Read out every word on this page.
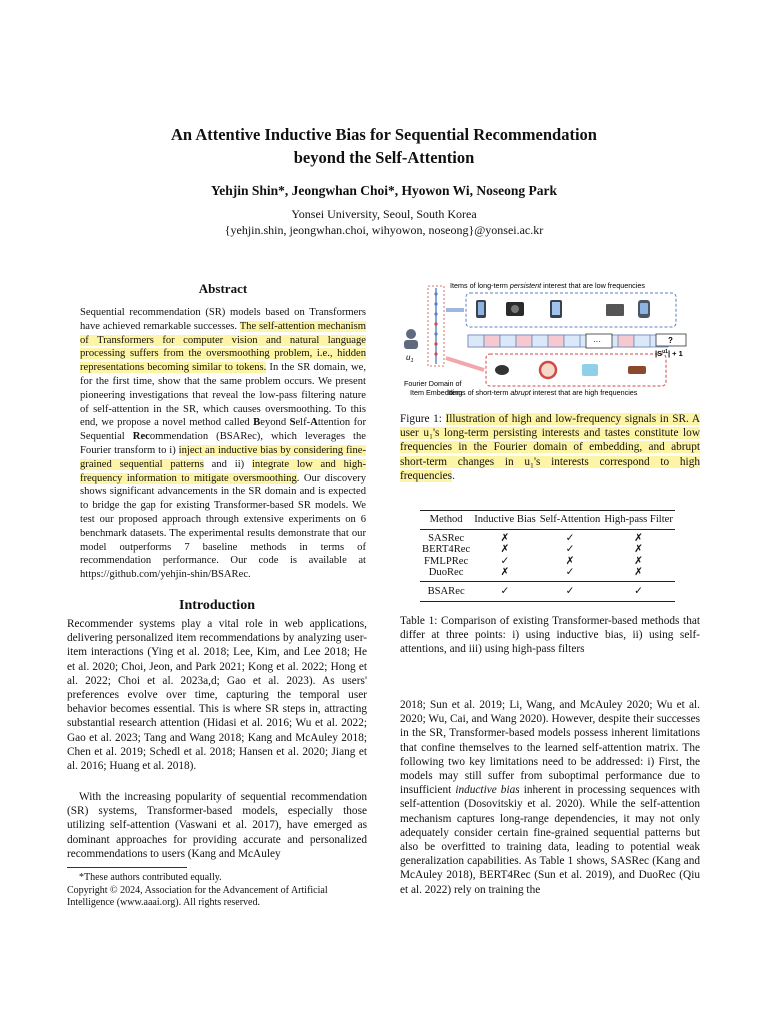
An Attentive Inductive Bias for Sequential Recommendation
beyond the Self-Attention
Yehjin Shin*, Jeongwhan Choi*, Hyowon Wi, Noseong Park
Yonsei University, Seoul, South Korea
{yehjin.shin, jeongwhan.choi, wihyowon, noseong}@yonsei.ac.kr
Abstract

Sequential recommendation (SR) models based on Transformers have achieved remarkable successes. The self-attention mechanism of Transformers for computer vision and natural language processing suffers from the oversmoothing problem, i.e., hidden representations becoming similar to tokens. In the SR domain, we, for the first time, show that the same problem occurs. We present pioneering investigations that reveal the low-pass filtering nature of self-attention in the SR, which causes oversmoothing. To this end, we propose a novel method called Beyond Self-Attention for Sequential Recommendation (BSARec), which leverages the Fourier transform to i) inject an inductive bias by considering fine-grained sequential patterns and ii) integrate low and high-frequency information to mitigate oversmoothing. Our discovery shows significant advancements in the SR domain and is expected to bridge the gap for existing Transformer-based SR models. We test our proposed approach through extensive experiments on 6 benchmark datasets. The experimental results demonstrate that our model outperforms 7 baseline methods in terms of recommendation performance. Our code is available at https://github.com/yehjin-shin/BSARec.

Introduction

Recommender systems play a vital role in web applications, delivering personalized item recommendations by analyzing user-item interactions (Ying et al. 2018; Lee, Kim, and Lee 2018; He et al. 2020; Choi, Jeon, and Park 2021; Kong et al. 2022; Hong et al. 2022; Choi et al. 2023a,d; Gao et al. 2023). As users' preferences evolve over time, capturing the temporal user behavior becomes essential. This is where SR steps in, attracting substantial research attention (Hidasi et al. 2016; Wu et al. 2022; Gao et al. 2023; Tang and Wang 2018; Kang and McAuley 2018; Chen et al. 2019; Schedl et al. 2018; Hansen et al. 2020; Jiang et al. 2016; Huang et al. 2018).

With the increasing popularity of sequential recommendation (SR) systems, Transformer-based models, especially those utilizing self-attention (Vaswani et al. 2017), have emerged as dominant approaches for providing accurate and personalized recommendations to users (Kang and McAuley

*These authors contributed equally.
Copyright © 2024, Association for the Advancement of Artificial Intelligence (www.aaai.org). All rights reserved.
Items of long-term persistent interest that are low frequencies
Items of short-term abrupt interest that are high frequencies
···	?
$|S^{u1}| + 1$
$u_1$
Fourier Domain of
Item Embedding

Figure 1: Illustration of high and low-frequency signals in SR. A user u₁'s long-term persisting interests and tastes constitute low frequencies in the Fourier domain of embedding, and abrupt short-term changes in u₁'s interests correspond to high frequencies.

Method	Inductive Bias	Self-Attention	High-pass Filter
SASRec	✗	✓	✗
BERT4Rec	✗	✓	✗
FMLPRec	✓	✗	✗
DuoRec	✗	✓	✗
BSARec	✓	✓	✓

Table 1: Comparison of existing Transformer-based methods that differ at three points: i) using inductive bias, ii) using self-attentions, and iii) using high-pass filters

2018; Sun et al. 2019; Li, Wang, and McAuley 2020; Wu et al. 2020; Wu, Cai, and Wang 2020). However, despite their successes in the SR, Transformer-based models possess inherent limitations that confine themselves to the learned self-attention matrix. The following two key limitations need to be addressed: i) First, the models may still suffer from suboptimal performance due to insufficient inductive bias inherent in processing sequences with self-attention (Dosovitskiy et al. 2020). While the self-attention mechanism captures long-range dependencies, it may not only adequately consider certain fine-grained sequential patterns but also be overfitted to training data, leading to potential weak generalization capabilities. As Table 1 shows, SASRec (Kang and McAuley 2018), BERT4Rec (Sun et al. 2019), and DuoRec (Qiu et al. 2022) rely on training the
